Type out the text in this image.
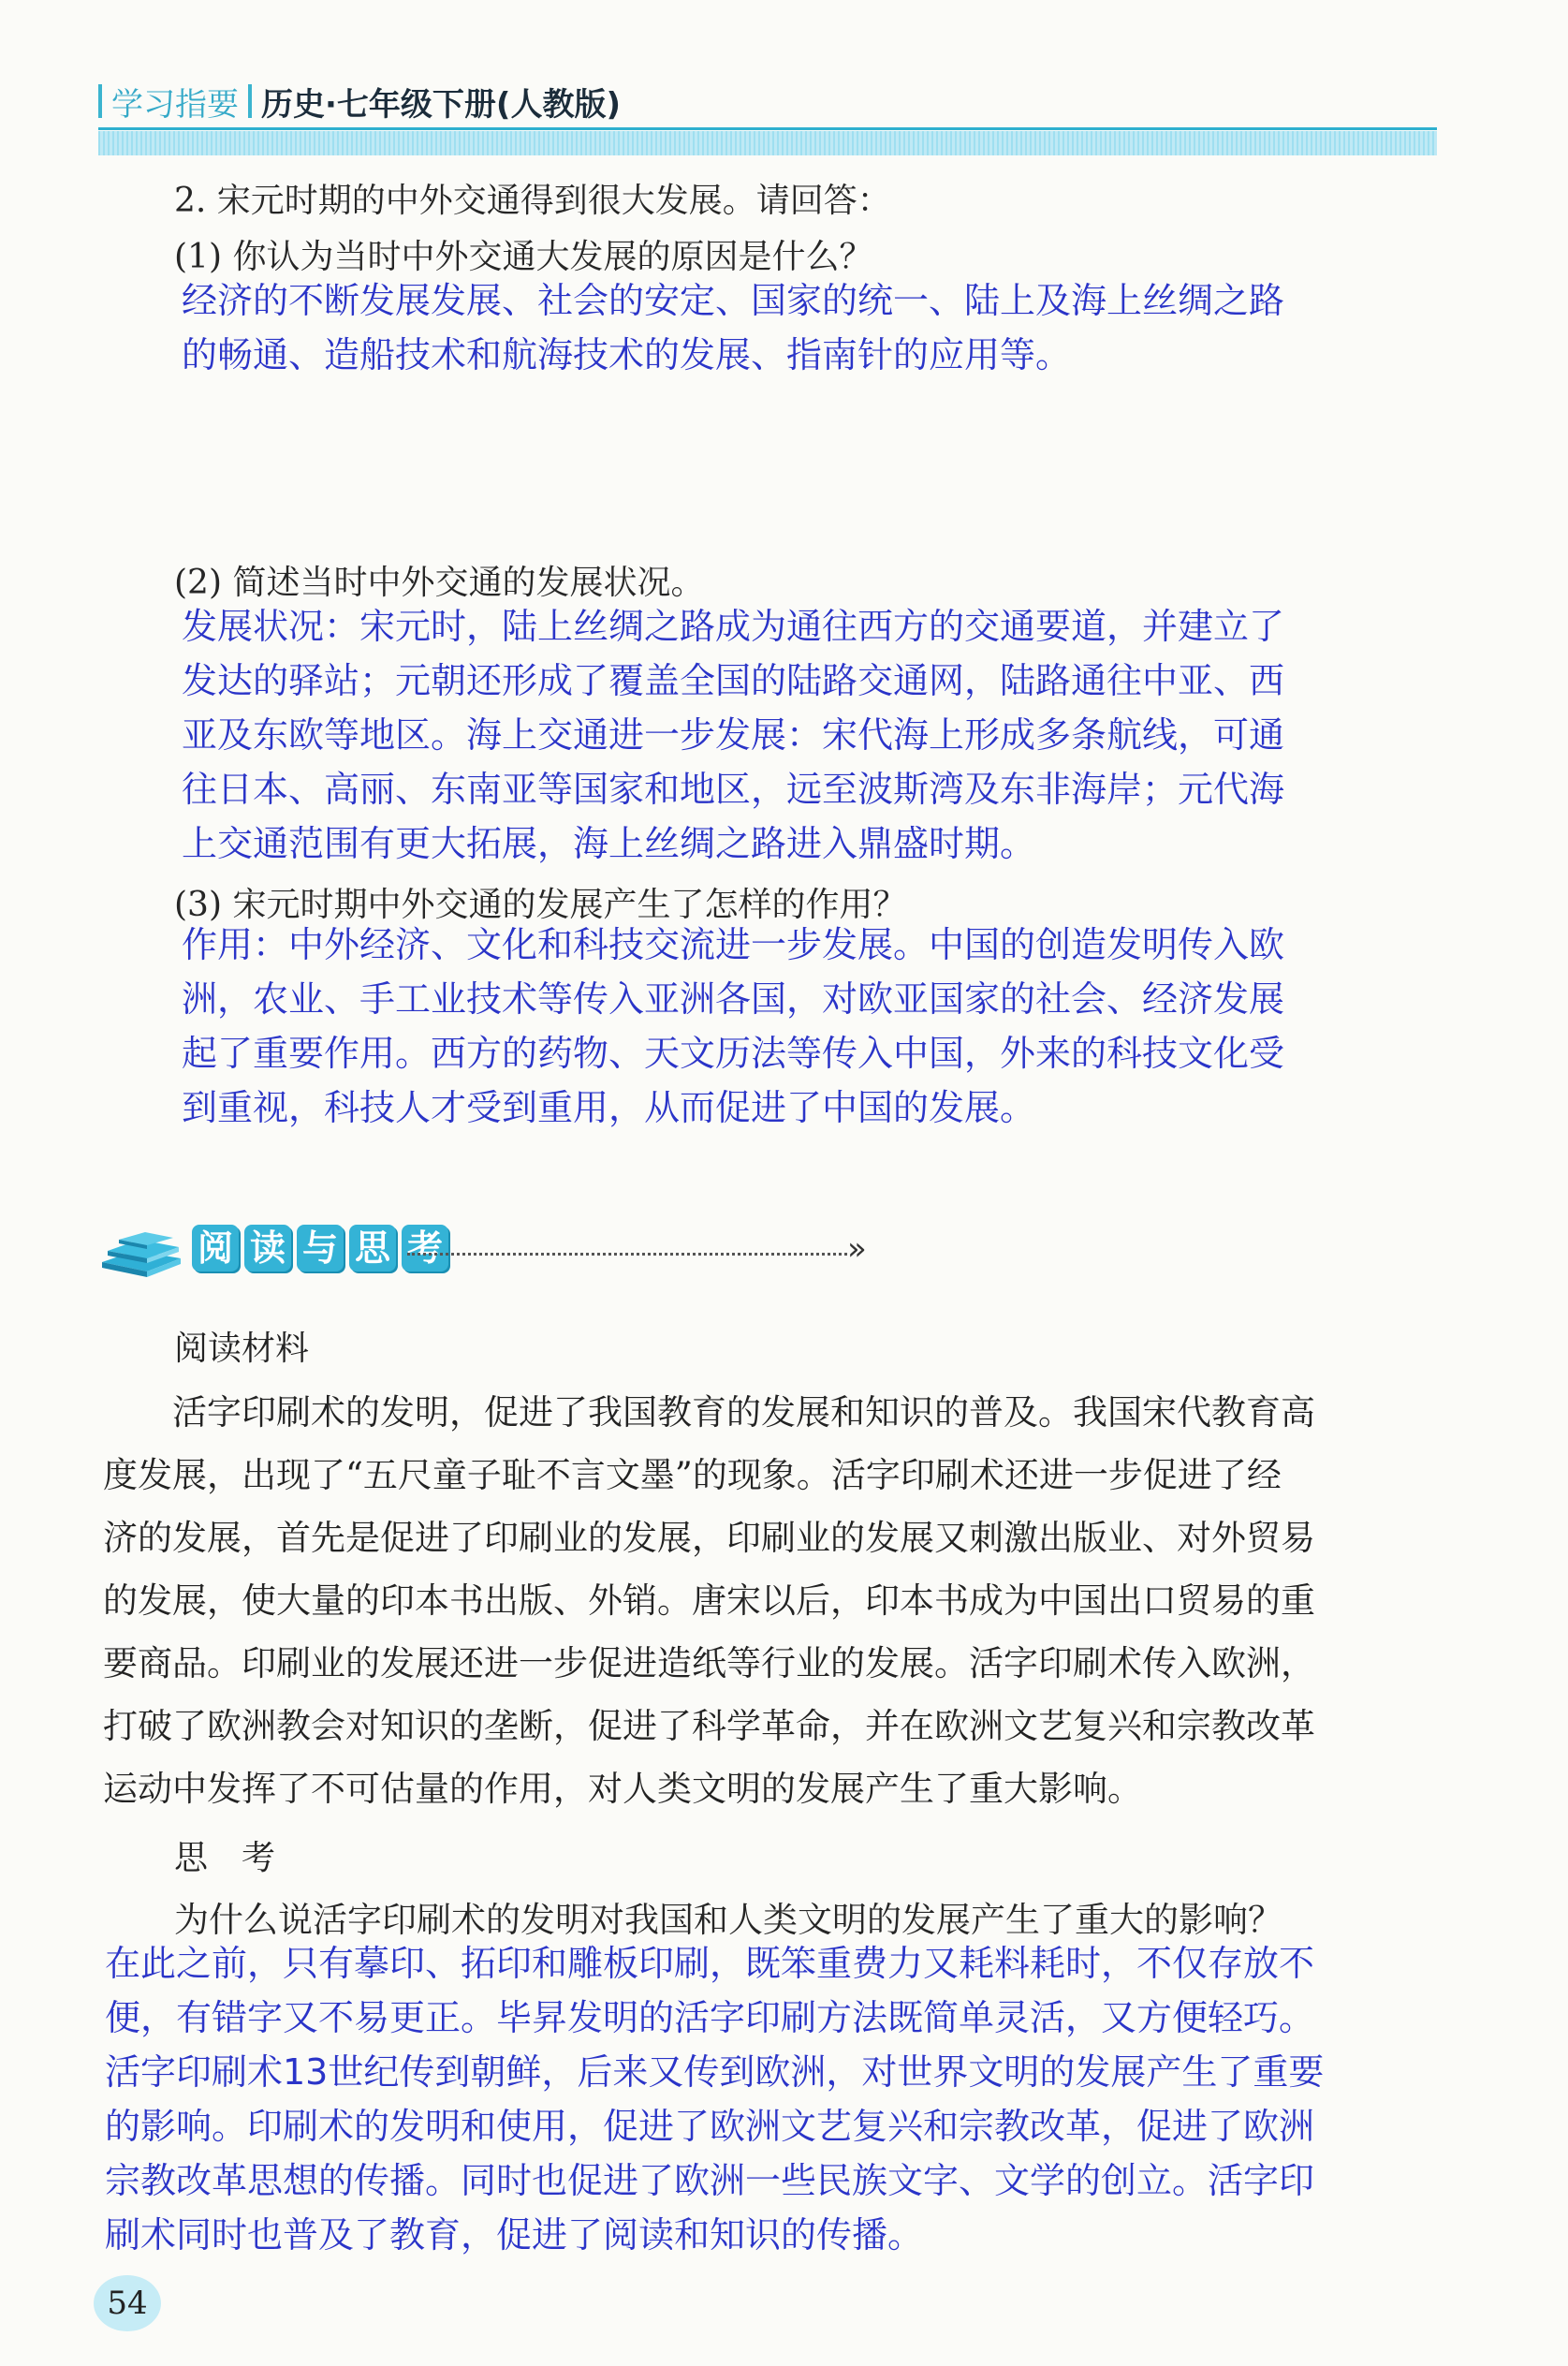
学习指要 历史·七年级下册(人教版)
2. 宋元时期的中外交通得到很大发展。请回答：
(1) 你认为当时中外交通大发展的原因是什么？
经济的不断发展发展、社会的安定、国家的统一、陆上及海上丝绸之路
的畅通、造船技术和航海技术的发展、指南针的应用等。
(2) 简述当时中外交通的发展状况。
发展状况：宋元时，陆上丝绸之路成为通往西方的交通要道，并建立了
发达的驿站；元朝还形成了覆盖全国的陆路交通网，陆路通往中亚、西
亚及东欧等地区。海上交通进一步发展：宋代海上形成多条航线，可通
往日本、高丽、东南亚等国家和地区，远至波斯湾及东非海岸；元代海
上交通范围有更大拓展，海上丝绸之路进入鼎盛时期。
(3) 宋元时期中外交通的发展产生了怎样的作用？
作用：中外经济、文化和科技交流进一步发展。中国的创造发明传入欧
洲，农业、手工业技术等传入亚洲各国，对欧亚国家的社会、经济发展
起了重要作用。西方的药物、天文历法等传入中国，外来的科技文化受
到重视，科技人才受到重用，从而促进了中国的发展。
阅 读 与 思 考	»
阅读材料
　　活字印刷术的发明，促进了我国教育的发展和知识的普及。我国宋代教育高
度发展，出现了“五尺童子耻不言文墨”的现象。活字印刷术还进一步促进了经
济的发展，首先是促进了印刷业的发展，印刷业的发展又刺激出版业、对外贸易
的发展，使大量的印本书出版、外销。唐宋以后，印本书成为中国出口贸易的重
要商品。印刷业的发展还进一步促进造纸等行业的发展。活字印刷术传入欧洲，
打破了欧洲教会对知识的垄断，促进了科学革命，并在欧洲文艺复兴和宗教改革
运动中发挥了不可估量的作用，对人类文明的发展产生了重大影响。
思　考
为什么说活字印刷术的发明对我国和人类文明的发展产生了重大的影响？
在此之前，只有摹印、拓印和雕板印刷，既笨重费力又耗料耗时，不仅存放不
便，有错字又不易更正。毕昇发明的活字印刷方法既简单灵活，又方便轻巧。
活字印刷术13世纪传到朝鲜，后来又传到欧洲，对世界文明的发展产生了重要
的影响。印刷术的发明和使用，促进了欧洲文艺复兴和宗教改革，促进了欧洲
宗教改革思想的传播。同时也促进了欧洲一些民族文字、文学的创立。活字印
刷术同时也普及了教育，促进了阅读和知识的传播。
54
